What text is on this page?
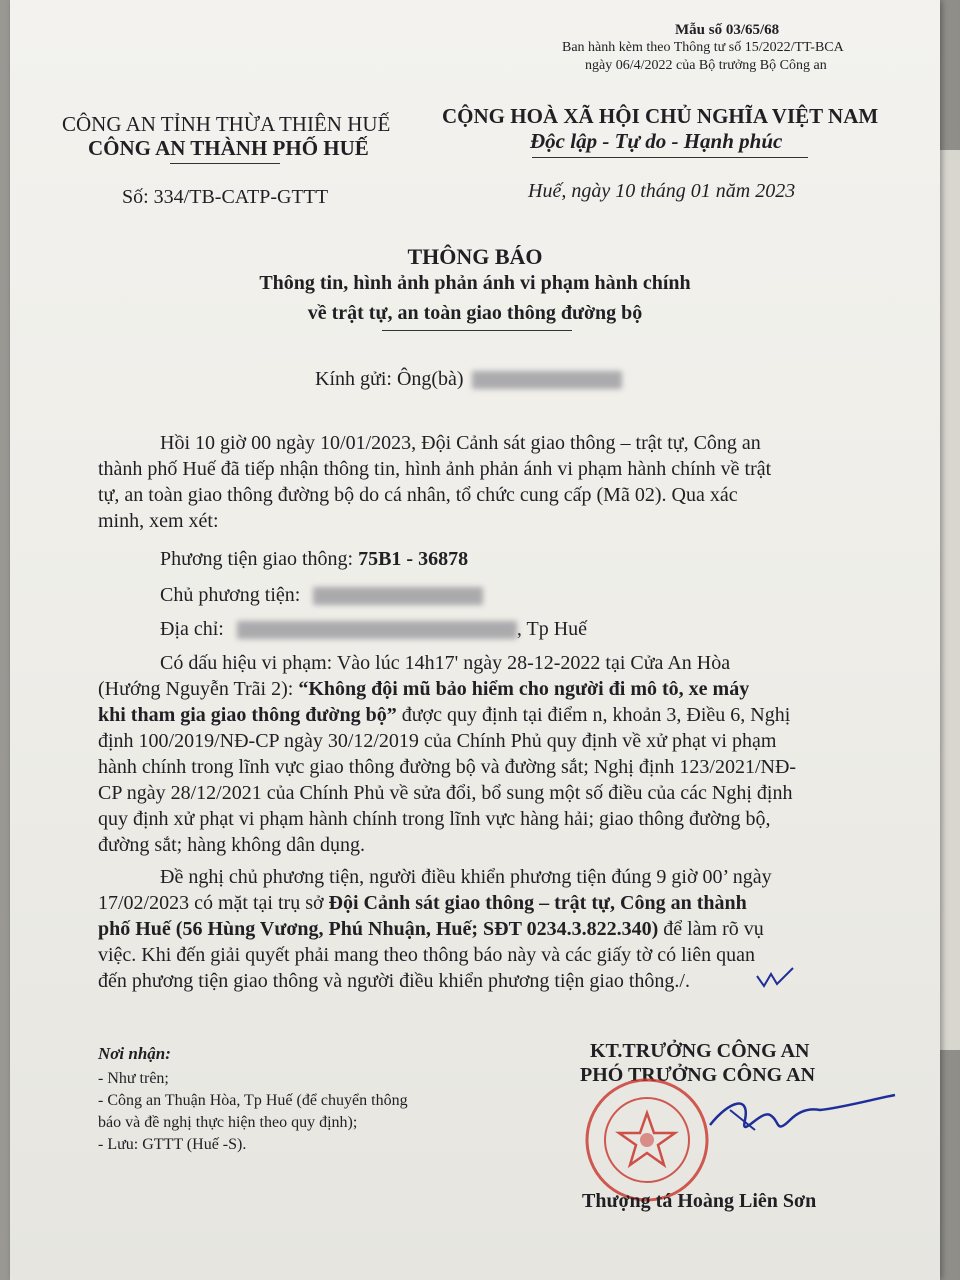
Mẫu số 03/65/68
Ban hành kèm theo Thông tư số 15/2022/TT-BCA
ngày 06/4/2022 của Bộ trưởng Bộ Công an
CÔNG AN TỈNH THỪA THIÊN HUẾ
CÔNG AN THÀNH PHỐ HUẾ
CỘNG HOÀ XÃ HỘI CHỦ NGHĨA VIỆT NAM
Độc lập - Tự do - Hạnh phúc
Số: 334/TB-CATP-GTTT	Huế, ngày 10 tháng 01 năm 2023
THÔNG BÁO
Thông tin, hình ảnh phản ánh vi phạm hành chính
về trật tự, an toàn giao thông đường bộ
Kính gửi: Ông(bà)
Hồi 10 giờ 00 ngày 10/01/2023, Đội Cảnh sát giao thông – trật tự, Công an
thành phố Huế đã tiếp nhận thông tin, hình ảnh phản ánh vi phạm hành chính về trật
tự, an toàn giao thông đường bộ do cá nhân, tổ chức cung cấp (Mã 02). Qua xác
minh, xem xét:
Phương tiện giao thông: 75B1 - 36878
Chủ phương tiện:
Địa chỉ:	, Tp Huế
Có dấu hiệu vi phạm: Vào lúc 14h17' ngày 28-12-2022 tại Cửa An Hòa
(Hướng Nguyễn Trãi 2): “Không đội mũ bảo hiểm cho người đi mô tô, xe máy
khi tham gia giao thông đường bộ” được quy định tại điểm n, khoản 3, Điều 6, Nghị
định 100/2019/NĐ-CP ngày 30/12/2019 của Chính Phủ quy định về xử phạt vi phạm
hành chính trong lĩnh vực giao thông đường bộ và đường sắt; Nghị định 123/2021/NĐ-
CP ngày 28/12/2021 của Chính Phủ về sửa đổi, bổ sung một số điều của các Nghị định
quy định xử phạt vi phạm hành chính trong lĩnh vực hàng hải; giao thông đường bộ,
đường sắt; hàng không dân dụng.
Đề nghị chủ phương tiện, người điều khiển phương tiện đúng 9 giờ 00’ ngày
17/02/2023 có mặt tại trụ sở Đội Cảnh sát giao thông – trật tự, Công an thành
phố Huế (56 Hùng Vương, Phú Nhuận, Huế; SĐT 0234.3.822.340) để làm rõ vụ
việc. Khi đến giải quyết phải mang theo thông báo này và các giấy tờ có liên quan
đến phương tiện giao thông và người điều khiển phương tiện giao thông./.
Nơi nhận:
- Như trên;
- Công an Thuận Hòa, Tp Huế (để chuyển thông
báo và đề nghị thực hiện theo quy định);
- Lưu: GTTT (Huế -S).
KT.TRƯỞNG CÔNG AN
PHÓ TRƯỞNG CÔNG AN
Thượng tá Hoàng Liên Sơn
